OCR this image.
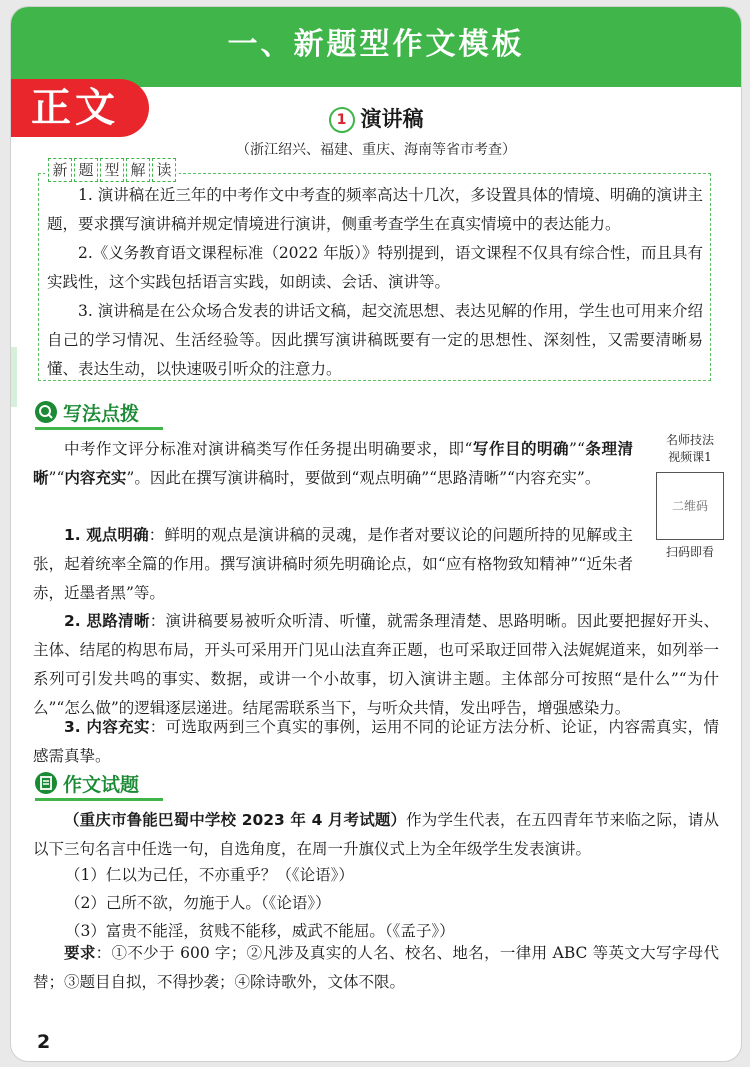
一、新题型作文模板
正文	1 演讲稿
（浙江绍兴、福建、重庆、海南等省市考查）
新 题 型 解 读

1. 演讲稿在近三年的中考作文中考查的频率高达十几次，多设置具体的情境、明确的演讲主题，要求撰写演讲稿并规定情境进行演讲，侧重考查学生在真实情境中的表达能力。

2.《义务教育语文课程标准（2022 年版）》特别提到，语文课程不仅具有综合性，而且具有实践性，这个实践包括语言实践，如朗读、会话、演讲等。

3. 演讲稿是在公众场合发表的讲话文稿，起交流思想、表达见解的作用，学生也可用来介绍自己的学习情况、生活经验等。因此撰写演讲稿既要有一定的思想性、深刻性，又需要清晰易懂、表达生动，以快速吸引听众的注意力。

写法点拨

中考作文评分标准对演讲稿类写作任务提出明确要求，即“写作目的明确”“条理清晰”“内容充实”。因此在撰写演讲稿时，要做到“观点明确”“思路清晰”“内容充实”。

名师技法
视频课1
二维码
扫码即看

1. 观点明确：鲜明的观点是演讲稿的灵魂，是作者对要议论的问题所持的见解或主张，起着统率全篇的作用。撰写演讲稿时须先明确论点，如“应有格物致知精神”“近朱者赤，近墨者黑”等。

2. 思路清晰：演讲稿要易被听众听清、听懂，就需条理清楚、思路明晰。因此要把握好开头、主体、结尾的构思布局，开头可采用开门见山法直奔正题，也可采取迂回带入法娓娓道来，如列举一系列可引发共鸣的事实、数据，或讲一个小故事，切入演讲主题。主体部分可按照“是什么”“为什么”“怎么做”的逻辑逐层递进。结尾需联系当下，与听众共情，发出呼告，增强感染力。

3. 内容充实：可选取两到三个真实的事例，运用不同的论证方法分析、论证，内容需真实，情感需真挚。

作文试题

（重庆市鲁能巴蜀中学校 2023 年 4 月考试题）作为学生代表，在五四青年节来临之际，请从以下三句名言中任选一句，自选角度，在周一升旗仪式上为全年级学生发表演讲。

（1）仁以为己任，不亦重乎？（《论语》）

（2）己所不欲，勿施于人。（《论语》）

（3）富贵不能淫，贫贱不能移，威武不能屈。（《孟子》）

要求：①不少于 600 字；②凡涉及真实的人名、校名、地名，一律用 ABC 等英文大写字母代替；③题目自拟，不得抄袭；④除诗歌外，文体不限。

2
